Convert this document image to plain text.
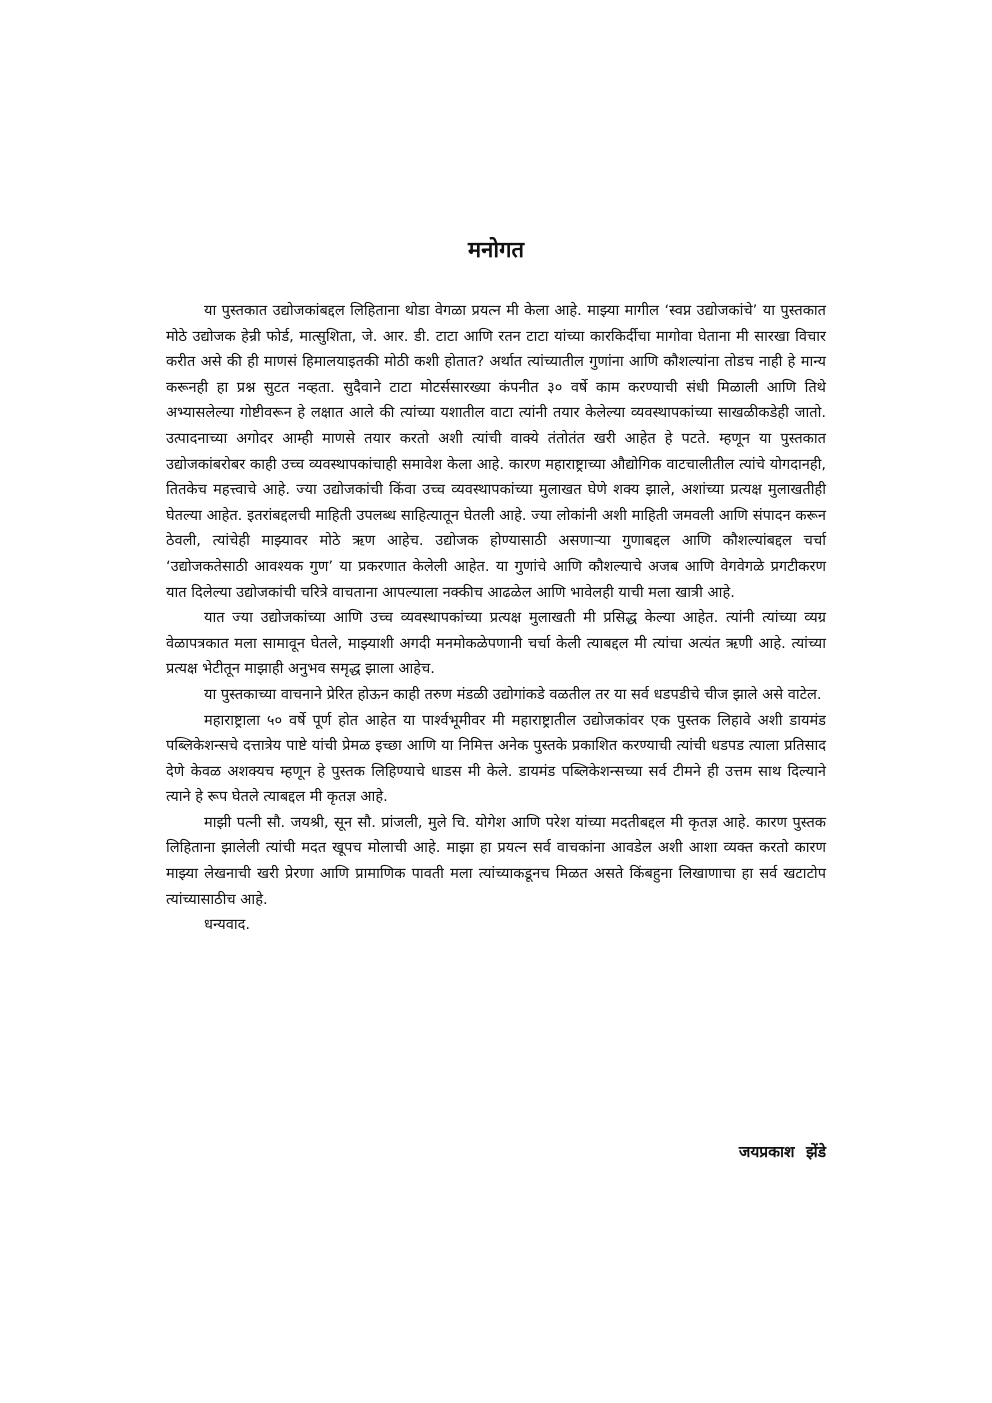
मनोगत

या पुस्तकात उद्योजकांबद्दल लिहिताना थोडा वेगळा प्रयत्न मी केला आहे. माझ्या मागील ‘स्वप्न उद्योजकांचे’ या पुस्तकात मोठे उद्योजक हेन्री फोर्ड, मात्सुशिता, जे. आर. डी. टाटा आणि रतन टाटा यांच्या कारकिर्दीचा मागोवा घेताना मी सारखा विचार करीत असे की ही माणसं हिमालयाइतकी मोठी कशी होतात? अर्थात त्यांच्यातील गुणांना आणि कौशल्यांना तोडच नाही हे मान्य करूनही हा प्रश्न सुटत नव्हता. सुदैवाने टाटा मोटर्ससारख्या कंपनीत ३० वर्षे काम करण्याची संधी मिळाली आणि तिथे अभ्यासलेल्या गोष्टीवरून हे लक्षात आले की त्यांच्या यशातील वाटा त्यांनी तयार केलेल्या व्यवस्थापकांच्या साखळीकडेही जातो. उत्पादनाच्या अगोदर आम्ही माणसे तयार करतो अशी त्यांची वाक्ये तंतोतंत खरी आहेत हे पटते. म्हणून या पुस्तकात उद्योजकांबरोबर काही उच्च व्यवस्थापकांचाही समावेश केला आहे. कारण महाराष्ट्राच्या औद्योगिक वाटचालीतील त्यांचे योगदानही, तितकेच महत्त्वाचे आहे. ज्या उद्योजकांची किंवा उच्च व्यवस्थापकांच्या मुलाखत घेणे शक्य झाले, अशांच्या प्रत्यक्ष मुलाखतीही घेतल्या आहेत. इतरांबद्दलची माहिती उपलब्ध साहित्यातून घेतली आहे. ज्या लोकांनी अशी माहिती जमवली आणि संपादन करून ठेवली, त्यांचेही माझ्यावर मोठे ऋण आहेच. उद्योजक होण्यासाठी असणाऱ्या गुणाबद्दल आणि कौशल्यांबद्दल चर्चा ‘उद्योजकतेसाठी आवश्यक गुण’ या प्रकरणात केलेली आहेत. या गुणांचे आणि कौशल्याचे अजब आणि वेगवेगळे प्रगटीकरण यात दिलेल्या उद्योजकांची चरित्रे वाचताना आपल्याला नक्कीच आढळेल आणि भावेलही याची मला खात्री आहे.

यात ज्या उद्योजकांच्या आणि उच्च व्यवस्थापकांच्या प्रत्यक्ष मुलाखती मी प्रसिद्ध केल्या आहेत. त्यांनी त्यांच्या व्यग्र वेळापत्रकात मला सामावून घेतले, माझ्याशी अगदी मनमोकळेपणानी चर्चा केली त्याबद्दल मी त्यांचा अत्यंत ऋणी आहे. त्यांच्या प्रत्यक्ष भेटीतून माझाही अनुभव समृद्ध झाला आहेच.

या पुस्तकाच्या वाचनाने प्रेरित होऊन काही तरुण मंडळी उद्योगांकडे वळतील तर या सर्व धडपडीचे चीज झाले असे वाटेल.

महाराष्ट्राला ५० वर्षे पूर्ण होत आहेत या पार्श्वभूमीवर मी महाराष्ट्रातील उद्योजकांवर एक पुस्तक लिहावे अशी डायमंड पब्लिकेशन्सचे दत्तात्रेय पाष्टे यांची प्रेमळ इच्छा आणि या निमित्त अनेक पुस्तके प्रकाशित करण्याची त्यांची धडपड त्याला प्रतिसाद देणे केवळ अशक्यच म्हणून हे पुस्तक लिहिण्याचे धाडस मी केले. डायमंड पब्लिकेशन्सच्या सर्व टीमने ही उत्तम साथ दिल्याने त्याने हे रूप घेतले त्याबद्दल मी कृतज्ञ आहे.

माझी पत्नी सौ. जयश्री, सून सौ. प्रांजली, मुले चि. योगेश आणि परेश यांच्या मदतीबद्दल मी कृतज्ञ आहे. कारण पुस्तक लिहिताना झालेली त्यांची मदत खूपच मोलाची आहे. माझा हा प्रयत्न सर्व वाचकांना आवडेल अशी आशा व्यक्त करतो कारण माझ्या लेखनाची खरी प्रेरणा आणि प्रामाणिक पावती मला त्यांच्याकडूनच मिळत असते किंबहुना लिखाणाचा हा सर्व खटाटोप त्यांच्यासाठीच आहे.

धन्यवाद.

जयप्रकाश झेंडे
